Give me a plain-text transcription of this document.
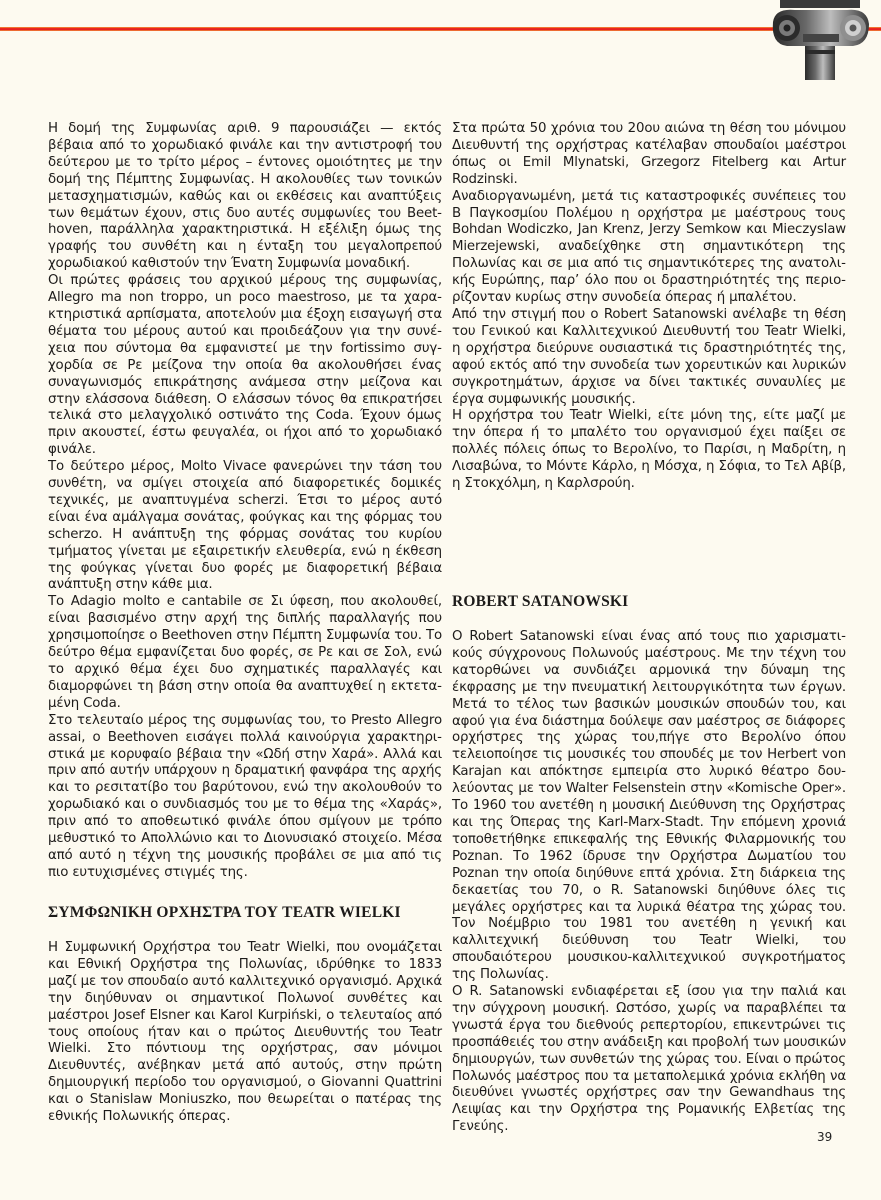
Η δομή της Συμφωνίας αριθ. 9 παρουσιάζει — εκτός βέβαια από το χορωδιακό φινάλε και την αντιστροφή του δεύτερου με το τρίτο μέρος – έντονες ομοιότητες με την δομή της Πέμπτης Συμφωνίας. Η ακολουθίες των τονικών μετασχηματισμών, καθώς και οι εκθέσεις και αναπτύξεις των θεμάτων έχουν, στις δυο αυτές συμφωνίες του Beethoven, παράλληλα χαρακτηριστικά. Η εξέλιξη όμως της γραφής του συνθέτη και η ένταξη του μεγαλοπρεπού χορωδιακού καθιστούν την Ένατη Συμφωνία μοναδική.

Οι πρώτες φράσεις του αρχικού μέρους της συμφωνίας, Allegro ma non troppo, un poco maestroso, με τα χαρακτηριστικά αρπίσματα, αποτελούν μια έξοχη εισαγωγή στα θέματα του μέρους αυτού και προιδεάζουν για την συνέχεια που σύντομα θα εμφανιστεί με την fortissimo συγχορδία σε Ρε μείζονα την οποία θα ακολουθήσει ένας συναγωνισμός επικράτησης ανάμεσα στην μείζονα και στην ελάσσονα διάθεση. Ο ελάσσων τόνος θα επικρατήσει τελικά στο μελαγχολικό οστινάτο της Coda. Έχουν όμως πριν ακουστεί, έστω φευγαλέα, οι ήχοι από το χορωδιακό φινάλε.

Το δεύτερο μέρος, Molto Vivace φανερώνει την τάση του συνθέτη, να σμίγει στοιχεία από διαφορετικές δομικές τεχνικές, με αναπτυγμένα scherzi. Έτσι το μέρος αυτό είναι ένα αμάλγαμα σονάτας, φούγκας και της φόρμας του scherzo. Η ανάπτυξη της φόρμας σονάτας του κυρίου τμήματος γίνεται με εξαιρετικήν ελευθερία, ενώ η έκθεση της φούγκας γίνεται δυο φορές με διαφορετική βέβαια ανάπτυξη στην κάθε μια.

Το Adagio molto e cantabile σε Σι ύφεση, που ακολουθεί, είναι βασισμένο στην αρχή της διπλής παραλλαγής που χρησιμοποίησε ο Beethoven στην Πέμπτη Συμφωνία του. Το δεύτρο θέμα εμφανίζεται δυο φορές, σε Ρε και σε Σολ, ενώ το αρχικό θέμα έχει δυο σχηματικές παραλλαγές και διαμορφώνει τη βάση στην οποία θα αναπτυχθεί η εκτεταμένη Coda.

Στο τελευταίο μέρος της συμφωνίας του, το Presto Allegro assai, ο Beethoven εισάγει πολλά καινούργια χαρακτηριστικά με κορυφαίο βέβαια την «Ωδή στην Χαρά». Αλλά και πριν από αυτήν υπάρχουν η δραματική φανφάρα της αρχής και το ρεσιτατίβο του βαρύτονου, ενώ την ακολουθούν το χορωδιακό και ο συνδιασμός του με το θέμα της «Χαράς», πριν από το αποθεωτικό φινάλε όπου σμίγουν με τρόπο μεθυστικό το Απολλώνιο και το Διονυσιακό στοιχείο. Μέσα από αυτό η τέχνη της μουσικής προβάλει σε μια από τις πιο ευτυχισμένες στιγμές της.

ΣΥΜΦΩΝΙΚΗ ΟΡΧΗΣΤΡΑ ΤΟΥ TEATR WIELKI

Η Συμφωνική Ορχήστρα του Teatr Wielki, που ονομάζεται και Εθνική Ορχήστρα της Πολωνίας, ιδρύθηκε το 1833 μαζί με τον σπουδαίο αυτό καλλιτεχνικό οργανισμό. Αρχικά την διηύθυναν οι σημαντικοί Πολωνοί συνθέτες και μαέστροι Josef Elsner και Karol Kurpiński, ο τελευταίος από τους οποίους ήταν και ο πρώτος Διευθυντής του Teatr Wielki. Στο πόντιουμ της ορχήστρας, σαν μόνιμοι Διευθυντές, ανέβηκαν μετά από αυτούς, στην πρώτη δημιουργική περίοδο του οργανισμού, ο Giovanni Quattrini και ο Stanislaw Moniuszko, που θεωρείται ο πατέρας της εθνικής Πολωνικής όπερας.

Στα πρώτα 50 χρόνια του 20ου αιώνα τη θέση του μόνιμου Διευθυντή της ορχήστρας κατέλαβαν σπουδαίοι μαέστροι όπως οι Emil Mlynatski, Grzegorz Fitelberg και Artur Rodzinski.

Αναδιοργανωμένη, μετά τις καταστροφικές συνέπειες του Β Παγκοσμίου Πολέμου η ορχήστρα με μαέστρους τους Bohdan Wodiczko, Jan Krenz, Jerzy Semkow και Mieczyslaw Mierzejewski, αναδείχθηκε στη σημαντικότερη της Πολωνίας και σε μια από τις σημαντικότερες της ανατολικής Ευρώπης, παρ’ όλο που οι δραστηριότητές της περιορίζονταν κυρίως στην συνοδεία όπερας ή μπαλέτου.

Από την στιγμή που ο Robert Satanowski ανέλαβε τη θέση του Γενικού και Καλλιτεχνικού Διευθυντή του Teatr Wielki, η ορχήστρα διεύρυνε ουσιαστικά τις δραστηριότητές της, αφού εκτός από την συνοδεία των χορευτικών και λυρικών συγκροτημάτων, άρχισε να δίνει τακτικές συναυλίες με έργα συμφωνικής μουσικής.

Η ορχήστρα του Teatr Wielki, είτε μόνη της, είτε μαζί με την όπερα ή το μπαλέτο του οργανισμού έχει παίξει σε πολλές πόλεις όπως το Βερολίνο, το Παρίσι, η Μαδρίτη, η Λισαβώνα, το Μόντε Κάρλο, η Μόσχα, η Σόφια, το Τελ Αβίβ, η Στοκχόλμη, η Καρλσρούη.

ROBERT SATANOWSKI

Ο Robert Satanowski είναι ένας από τους πιο χαρισματικούς σύγχρονους Πολωνούς μαέστρους. Με την τέχνη του κατορθώνει να συνδιάζει αρμονικά την δύναμη της έκφρασης με την πνευματική λειτουργικότητα των έργων. Μετά το τέλος των βασικών μουσικών σπουδών του, και αφού για ένα διάστημα δούλεψε σαν μαέστρος σε διάφορες ορχήστρες της χώρας του,πήγε στο Βερολίνο όπου τελειοποίησε τις μουσικές του σπουδές με τον Herbert von Karajan και απόκτησε εμπειρία στο λυρικό θέατρο δουλεύοντας με τον Walter Felsenstein στην «Komische Oper». Το 1960 του ανετέθη η μουσική Διεύθυνση της Ορχήστρας και της Όπερας της Karl-Marx-Stadt. Την επόμενη χρονιά τοποθετήθηκε επικεφαλής της Εθνικής Φιλαρμονικής του Poznan. Το 1962 ίδρυσε την Ορχήστρα Δωματίου του Poznan την οποία διηύθυνε επτά χρόνια. Στη διάρκεια της δεκαετίας του 70, ο R. Satanowski διηύθυνε όλες τις μεγάλες ορχήστρες και τα λυρικά θέατρα της χώρας του. Τον Νοέμβριο του 1981 του ανετέθη η γενική και καλλιτεχνική διεύθυνση του Teatr Wielki, του σπουδαιότερου μουσικου-καλλιτεχνικού συγκροτήματος της Πολωνίας.

Ο R. Satanowski ενδιαφέρεται εξ ίσου για την παλιά και την σύγχρονη μουσική. Ωστόσο, χωρίς να παραβλέπει τα γνωστά έργα του διεθνούς ρεπερτορίου, επικεντρώνει τις προσπάθειές του στην ανάδειξη και προβολή των μουσικών δημιουργών, των συνθετών της χώρας του. Είναι ο πρώτος Πολωνός μαέστρος που τα μεταπολεμικά χρόνια εκλήθη να διευθύνει γνωστές ορχήστρες σαν την Gewandhaus της Λειψίας και την Ορχήστρα της Ρομανικής Ελβετίας της Γενεύης.

39
